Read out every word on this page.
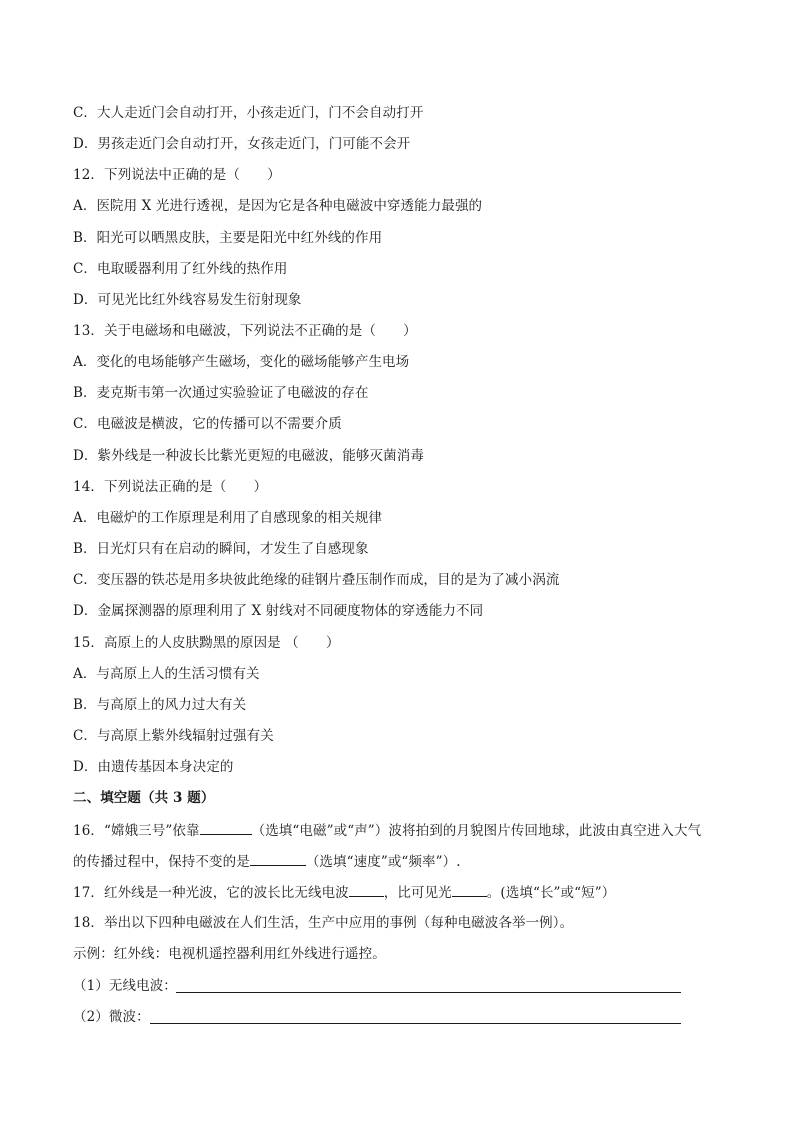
C．大人走近门会自动打开，小孩走近门，门不会自动打开
D．男孩走近门会自动打开，女孩走近门，门可能不会开
12．下列说法中正确的是（　　）
A．医院用 X 光进行透视，是因为它是各种电磁波中穿透能力最强的
B．阳光可以晒黑皮肤，主要是阳光中红外线的作用
C．电取暖器利用了红外线的热作用
D．可见光比红外线容易发生衍射现象
13．关于电磁场和电磁波，下列说法不正确的是（　　）
A．变化的电场能够产生磁场，变化的磁场能够产生电场
B．麦克斯韦第一次通过实验验证了电磁波的存在
C．电磁波是横波，它的传播可以不需要介质
D．紫外线是一种波长比紫光更短的电磁波，能够灭菌消毒
14．下列说法正确的是（　　）
A．电磁炉的工作原理是利用了自感现象的相关规律
B．日光灯只有在启动的瞬间，才发生了自感现象
C．变压器的铁芯是用多块彼此绝缘的硅钢片叠压制作而成，目的是为了减小涡流
D．金属探测器的原理利用了 X 射线对不同硬度物体的穿透能力不同
15．高原上的人皮肤黝黑的原因是 （　　）
A．与高原上人的生活习惯有关
B．与高原上的风力过大有关
C．与高原上紫外线辐射过强有关
D．由遗传基因本身决定的
二、填空题（共 3 题）
16．“嫦娥三号”依靠	（选填“电磁”或“声”）波将拍到的月貌图片传回地球，此波由真空进入大气
的传播过程中，保持不变的是	（选填“速度”或“频率”）.
17．红外线是一种光波，它的波长比无线电波	，比可见光	。(选填“长”或“短”）
18．举出以下四种电磁波在人们生活，生产中应用的事例（每种电磁波各举一例）。
示例：红外线：电视机遥控器利用红外线进行遥控。
（1）无线电波：
（2）微波：
